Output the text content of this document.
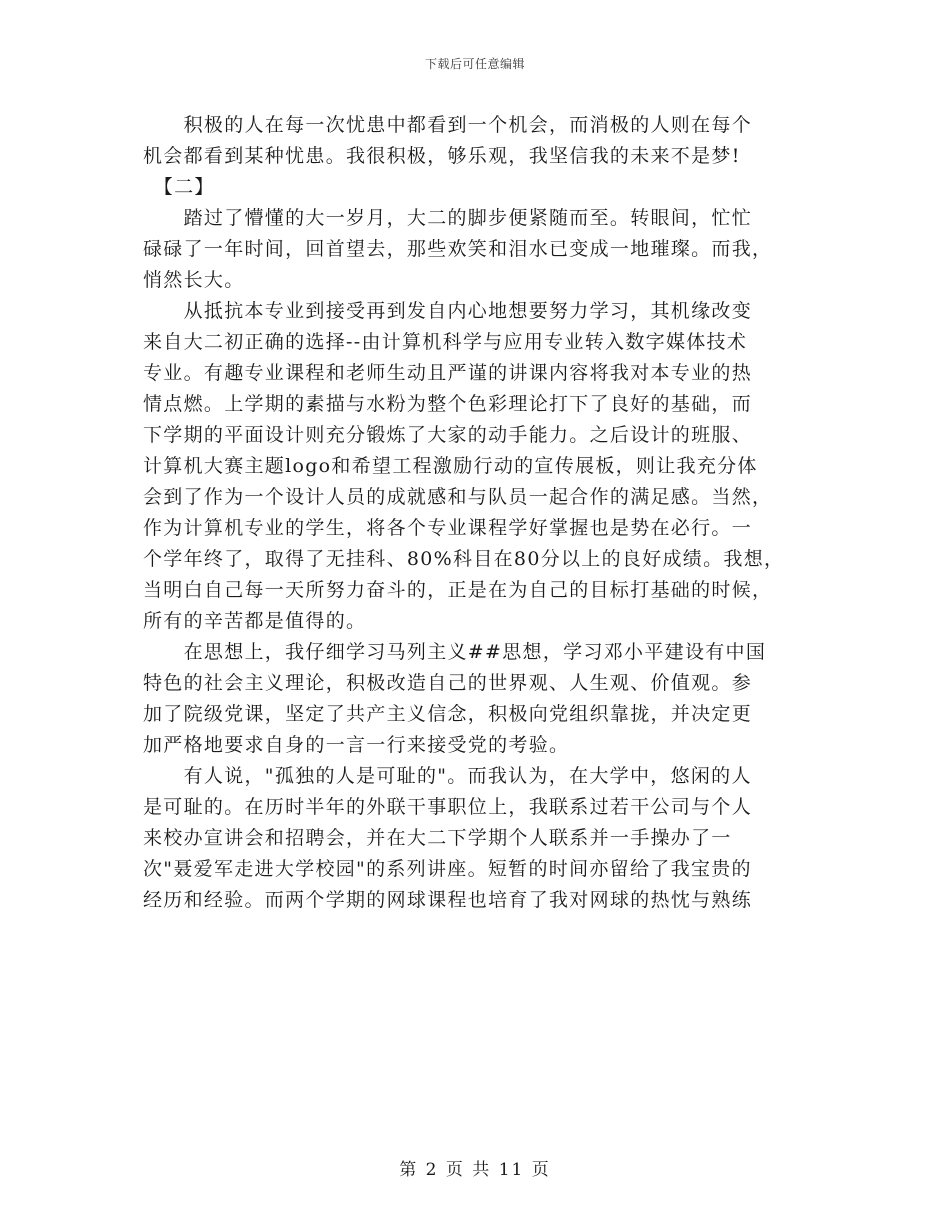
下载后可任意编辑
　　积极的人在每一次忧患中都看到一个机会，而消极的人则在每个
机会都看到某种忧患。我很积极，够乐观，我坚信我的未来不是梦!
　【二】
　　踏过了懵懂的大一岁月，大二的脚步便紧随而至。转眼间，忙忙
碌碌了一年时间，回首望去，那些欢笑和泪水已变成一地璀璨。而我，
悄然长大。
　　从抵抗本专业到接受再到发自内心地想要努力学习，其机缘改变
来自大二初正确的选择--由计算机科学与应用专业转入数字媒体技术
专业。有趣专业课程和老师生动且严谨的讲课内容将我对本专业的热
情点燃。上学期的素描与水粉为整个色彩理论打下了良好的基础，而
下学期的平面设计则充分锻炼了大家的动手能力。之后设计的班服、
计算机大赛主题logo和希望工程激励行动的宣传展板，则让我充分体
会到了作为一个设计人员的成就感和与队员一起合作的满足感。当然，
作为计算机专业的学生，将各个专业课程学好掌握也是势在必行。一
个学年终了，取得了无挂科、80%科目在80分以上的良好成绩。我想，
当明白自己每一天所努力奋斗的，正是在为自己的目标打基础的时候，
所有的辛苦都是值得的。
　　在思想上，我仔细学习马列主义##思想，学习邓小平建设有中国
特色的社会主义理论，积极改造自己的世界观、人生观、价值观。参
加了院级党课，坚定了共产主义信念，积极向党组织靠拢，并决定更
加严格地要求自身的一言一行来接受党的考验。
　　有人说，"孤独的人是可耻的"。而我认为，在大学中，悠闲的人
是可耻的。在历时半年的外联干事职位上，我联系过若干公司与个人
来校办宣讲会和招聘会，并在大二下学期个人联系并一手操办了一
次"聂爱军走进大学校园"的系列讲座。短暂的时间亦留给了我宝贵的
经历和经验。而两个学期的网球课程也培育了我对网球的热忱与熟练
第 2 页 共 11 页
